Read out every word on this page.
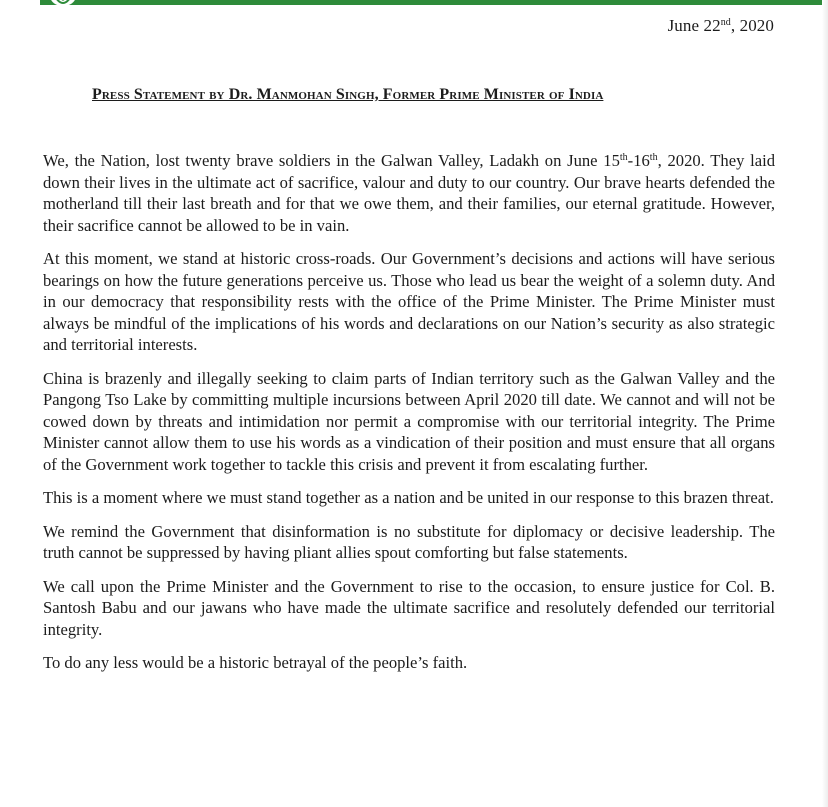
June 22nd, 2020
Press Statement by Dr. Manmohan Singh, Former Prime Minister of India

We, the Nation, lost twenty brave soldiers in the Galwan Valley, Ladakh on June 15th-16th, 2020. They laid down their lives in the ultimate act of sacrifice, valour and duty to our country. Our brave hearts defended the motherland till their last breath and for that we owe them, and their families, our eternal gratitude. However, their sacrifice cannot be allowed to be in vain.

At this moment, we stand at historic cross-roads. Our Government’s decisions and actions will have serious bearings on how the future generations perceive us. Those who lead us bear the weight of a solemn duty. And in our democracy that responsibility rests with the office of the Prime Minister. The Prime Minister must always be mindful of the implications of his words and declarations on our Nation’s security as also strategic and territorial interests.

China is brazenly and illegally seeking to claim parts of Indian territory such as the Galwan Valley and the Pangong Tso Lake by committing multiple incursions between April 2020 till date. We cannot and will not be cowed down by threats and intimidation nor permit a compromise with our territorial integrity. The Prime Minister cannot allow them to use his words as a vindication of their position and must ensure that all organs of the Government work together to tackle this crisis and prevent it from escalating further.

This is a moment where we must stand together as a nation and be united in our response to this brazen threat.

We remind the Government that disinformation is no substitute for diplomacy or decisive leadership. The truth cannot be suppressed by having pliant allies spout comforting but false statements.

We call upon the Prime Minister and the Government to rise to the occasion, to ensure justice for Col. B. Santosh Babu and our jawans who have made the ultimate sacrifice and resolutely defended our territorial integrity.

To do any less would be a historic betrayal of the people’s faith.
